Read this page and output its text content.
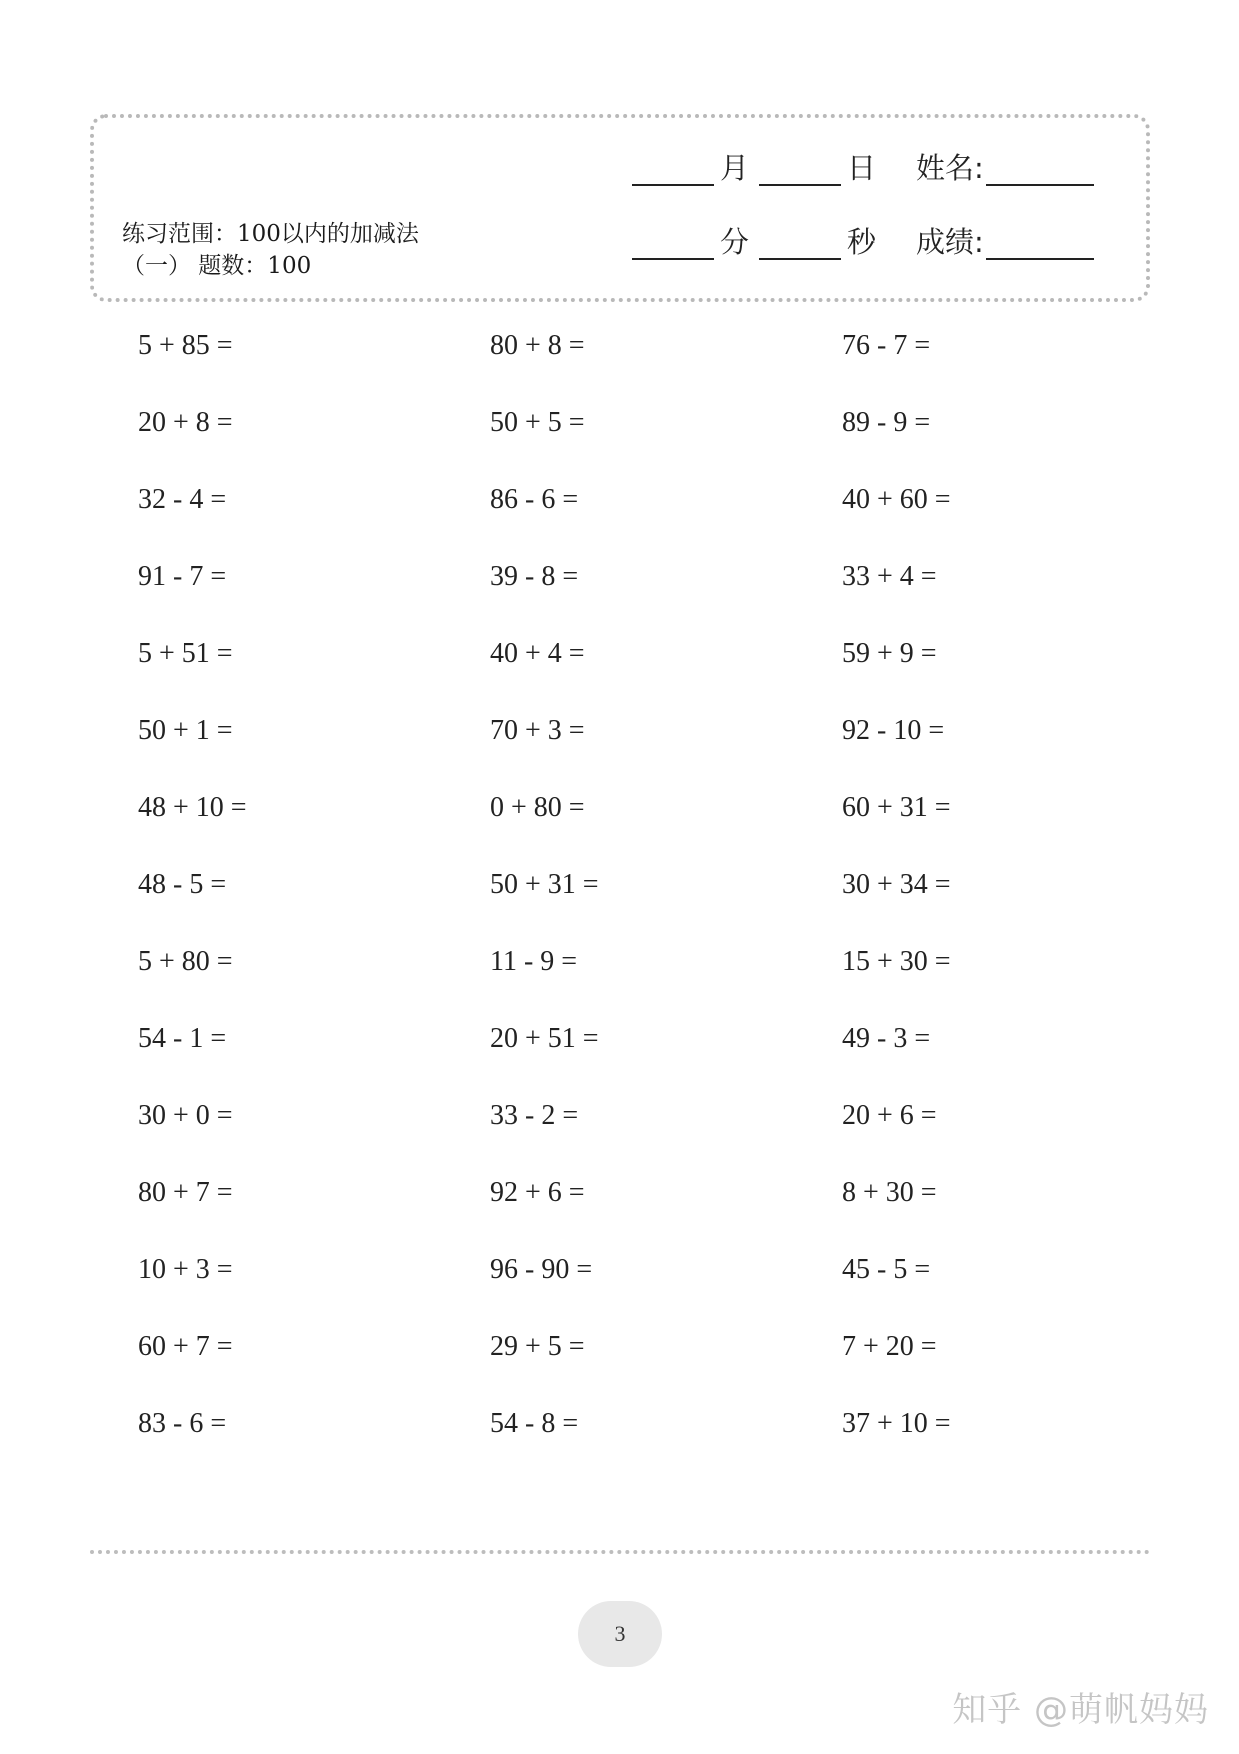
练习范围：100以内的加减法
（一） 题数：100
月	日 姓名:
分	秒 成绩:
5 + 85 =	80 + 8 =	76 - 7 =
20 + 8 =	50 + 5 =	89 - 9 =
32 - 4 =	86 - 6 =	40 + 60 =
91 - 7 =	39 - 8 =	33 + 4 =
5 + 51 =	40 + 4 =	59 + 9 =
50 + 1 =	70 + 3 =	92 - 10 =
48 + 10 =	0 + 80 =	60 + 31 =
48 - 5 =	50 + 31 =	30 + 34 =
5 + 80 =	11 - 9 =	15 + 30 =
54 - 1 =	20 + 51 =	49 - 3 =
30 + 0 =	33 - 2 =	20 + 6 =
80 + 7 =	92 + 6 =	8 + 30 =
10 + 3 =	96 - 90 =	45 - 5 =
60 + 7 =	29 + 5 =	7 + 20 =
83 - 6 =	54 - 8 =	37 + 10 =
3
知乎 @萌帆妈妈
